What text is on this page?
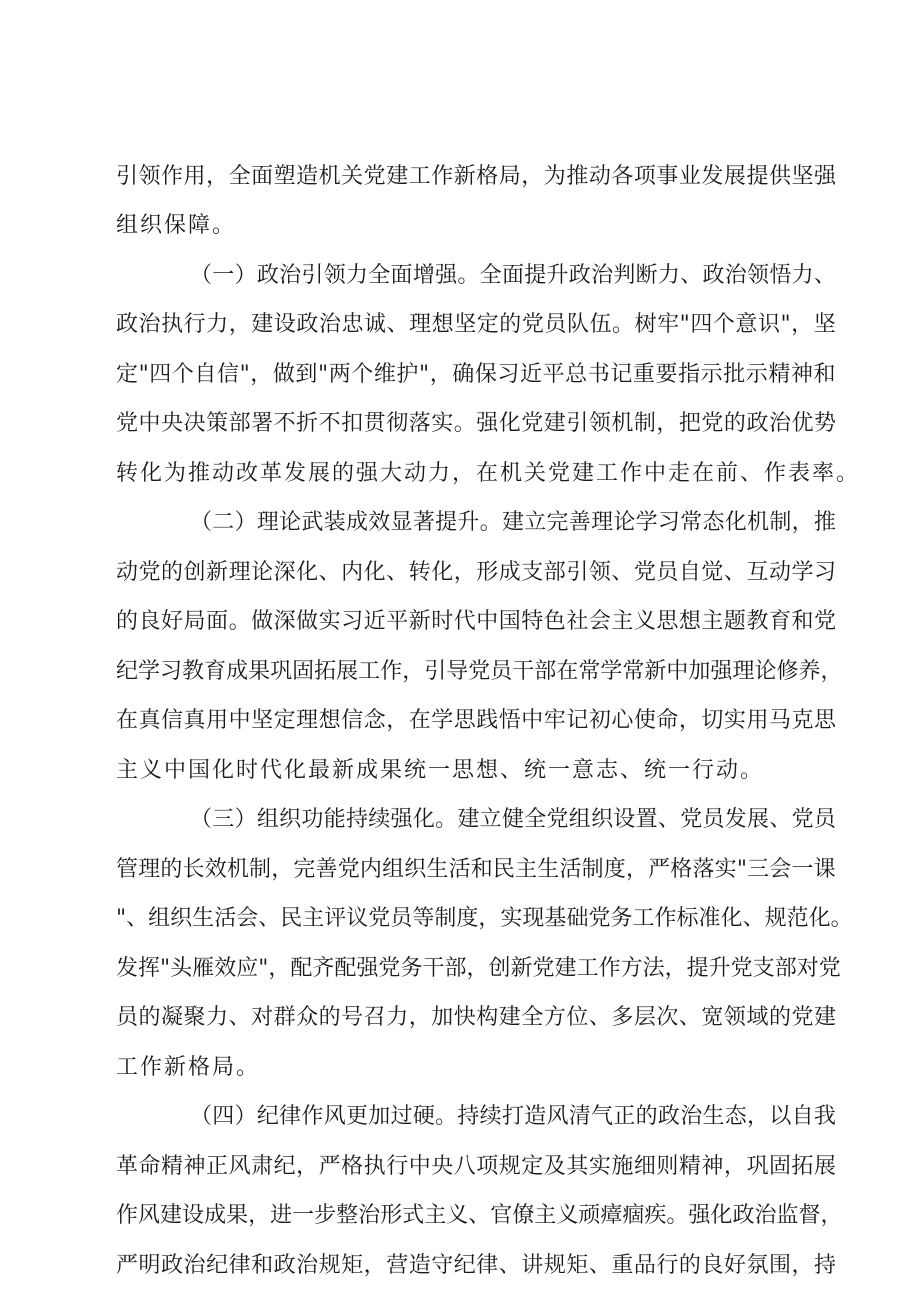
引 领 作 用 ， 全 面 塑 造 机 关 党 建 工 作 新 格 局 ， 为 推 动 各 项 事 业 发 展 提 供 坚 强
组织保障。
（ 一 ） 政 治 引 领 力 全 面 增 强 。 全 面 提 升 政 治 判 断 力 、 政 治 领 悟 力 、
政 治 执 行 力 ， 建 设 政 治 忠 诚 、 理 想 坚 定 的 党 员 队 伍 。 树 牢 " 四 个 意 识 " ， 坚
定 " 四 个 自 信 " ， 做 到 " 两 个 维 护 " ， 确 保 习 近 平 总 书 记 重 要 指 示 批 示 精 神 和
党 中 央 决 策 部 署 不 折 不 扣 贯 彻 落 实 。 强 化 党 建 引 领 机 制 ， 把 党 的 政 治 优 势
转化为推动改革发展的强大动力，在机关党建工作中走在前、作表率。
（ 二 ） 理 论 武 装 成 效 显 著 提 升 。 建 立 完 善 理 论 学 习 常 态 化 机 制 ， 推
动 党 的 创 新 理 论 深 化 、 内 化 、 转 化 ， 形 成 支 部 引 领 、 党 员 自 觉 、 互 动 学 习
的 良 好 局 面 。 做 深 做 实 习 近 平 新 时 代 中 国 特 色 社 会 主 义 思 想 主 题 教 育 和 党
纪 学 习 教 育 成 果 巩 固 拓 展 工 作 ， 引 导 党 员 干 部 在 常 学 常 新 中 加 强 理 论 修 养 ，
在 真 信 真 用 中 坚 定 理 想 信 念 ， 在 学 思 践 悟 中 牢 记 初 心 使 命 ， 切 实 用 马 克 思
主义中国化时代化最新成果统一思想、统一意志、统一行动。
（ 三 ） 组 织 功 能 持 续 强 化 。 建 立 健 全 党 组 织 设 置 、 党 员 发 展 、 党 员
管 理 的 长 效 机 制 ， 完 善 党 内 组 织 生 活 和 民 主 生 活 制 度 ， 严 格 落 实 " 三 会 一 课
" 、 组 织 生 活 会 、 民 主 评 议 党 员 等 制 度 ， 实 现 基 础 党 务 工 作 标 准 化 、 规 范 化 。
发 挥 " 头 雁 效 应 " ， 配 齐 配 强 党 务 干 部 ， 创 新 党 建 工 作 方 法 ， 提 升 党 支 部 对 党
员 的 凝 聚 力 、 对 群 众 的 号 召 力 ， 加 快 构 建 全 方 位 、 多 层 次 、 宽 领 域 的 党 建
工作新格局。
（ 四 ） 纪 律 作 风 更 加 过 硬 。 持 续 打 造 风 清 气 正 的 政 治 生 态 ， 以 自 我
革 命 精 神 正 风 肃 纪 ， 严 格 执 行 中 央 八 项 规 定 及 其 实 施 细 则 精 神 ， 巩 固 拓 展
作 风 建 设 成 果 ， 进 一 步 整 治 形 式 主 义 、 官 僚 主 义 顽 瘴 痼 疾 。 强 化 政 治 监 督 ，
严 明 政 治 纪 律 和 政 治 规 矩 ， 营 造 守 纪 律 、 讲 规 矩 、 重 品 行 的 良 好 氛 围 ， 持
